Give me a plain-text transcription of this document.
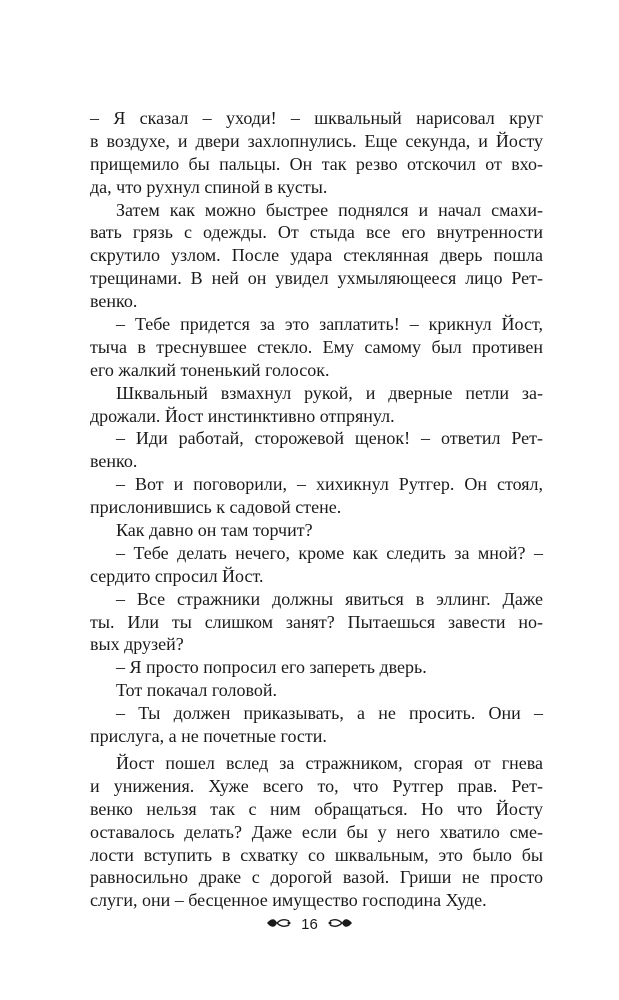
– Я сказал – уходи! – шквальный нарисовал круг
в воздухе, и двери захлопнулись. Еще секунда, и Йосту
прищемило бы пальцы. Он так резво отскочил от вхо-
да, что рухнул спиной в кусты.
Затем как можно быстрее поднялся и начал смахи-
вать грязь с одежды. От стыда все его внутренности
скрутило узлом. После удара стеклянная дверь пошла
трещинами. В ней он увидел ухмыляющееся лицо Рет-
венко.
– Тебе придется за это заплатить! – крикнул Йост,
тыча в треснувшее стекло. Ему самому был противен
его жалкий тоненький голосок.
Шквальный взмахнул рукой, и дверные петли за-
дрожали. Йост инстинктивно отпрянул.
– Иди работай, сторожевой щенок! – ответил Рет-
венко.
– Вот и поговорили, – хихикнул Рутгер. Он стоял,
прислонившись к садовой стене.
Как давно он там торчит?
– Тебе делать нечего, кроме как следить за мной? –
сердито спросил Йост.
– Все стражники должны явиться в эллинг. Даже
ты. Или ты слишком занят? Пытаешься завести но-
вых друзей?
– Я просто попросил его запереть дверь.
Тот покачал головой.
– Ты должен приказывать, а не просить. Они –
прислуга, а не почетные гости.
Йост пошел вслед за стражником, сгорая от гнева
и унижения. Хуже всего то, что Рутгер прав. Рет-
венко нельзя так с ним обращаться. Но что Йосту
оставалось делать? Даже если бы у него хватило сме-
лости вступить в схватку со шквальным, это было бы
равносильно драке с дорогой вазой. Гриши не просто
слуги, они – бесценное имущество господина Худе.
16
